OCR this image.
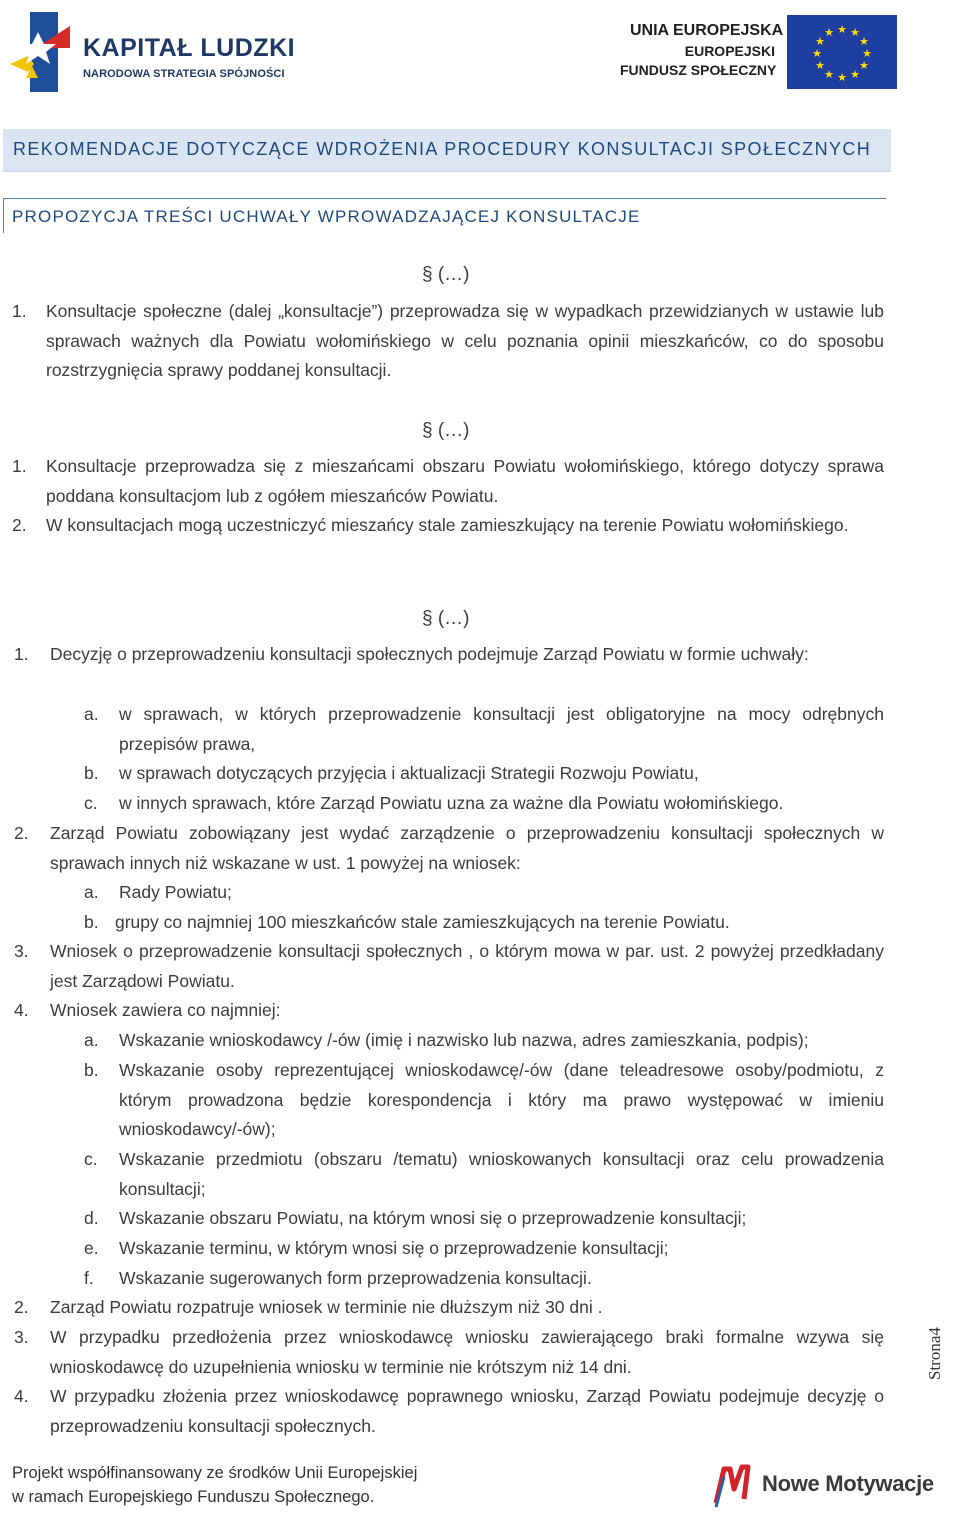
KAPITAŁ LUDZKI
NARODOWA STRATEGIA SPÓJNOŚCI
UNIA EUROPEJSKA
EUROPEJSKI
FUNDUSZ SPOŁECZNY
★ ★
★
★
★
★
★
★
★
★
★
★
REKOMENDACJE DOTYCZĄCE WDROŻENIA PROCEDURY KONSULTACJI SPOŁECZNYCH
PROPOZYCJA TREŚCI UCHWAŁY WPROWADZAJĄCEJ KONSULTACJE
§ (…)
1. Konsultacje społeczne (dalej „konsultacje”) przeprowadza się w wypadkach przewidzianych w ustawie lub sprawach ważnych dla Powiatu wołomińskiego w celu poznania opinii mieszkańców, co do sposobu rozstrzygnięcia sprawy poddanej konsultacji.
§ (…)
1. Konsultacje przeprowadza się z mieszańcami obszaru Powiatu wołomińskiego, którego dotyczy sprawa poddana konsultacjom lub z ogółem mieszańców Powiatu.
2. W konsultacjach mogą uczestniczyć mieszańcy stale zamieszkujący na terenie Powiatu wołomińskiego.
§ (…)
1. Decyzję o przeprowadzeniu konsultacji społecznych podejmuje Zarząd Powiatu w formie uchwały:
a. w sprawach, w których przeprowadzenie konsultacji jest obligatoryjne na mocy odrębnych przepisów prawa,
b. w sprawach dotyczących przyjęcia i aktualizacji Strategii Rozwoju Powiatu,
c. w innych sprawach, które Zarząd Powiatu uzna za ważne dla Powiatu wołomińskiego.
2. Zarząd Powiatu zobowiązany jest wydać zarządzenie o przeprowadzeniu konsultacji społecznych w sprawach innych niż wskazane w ust. 1 powyżej na wniosek:
a. Rady Powiatu;
b. grupy co najmniej 100 mieszkańców stale zamieszkujących na terenie Powiatu.
3. Wniosek o przeprowadzenie konsultacji społecznych , o którym mowa w par. ust. 2 powyżej przedkładany jest Zarządowi Powiatu.
4. Wniosek zawiera co najmniej:
a. Wskazanie wnioskodawcy /-ów (imię i nazwisko lub nazwa, adres zamieszkania, podpis);
b. Wskazanie osoby reprezentującej wnioskodawcę/-ów (dane teleadresowe osoby/podmiotu, z którym prowadzona będzie korespondencja i który ma prawo występować w imieniu wnioskodawcy/-ów);
c. Wskazanie przedmiotu (obszaru /tematu) wnioskowanych konsultacji oraz celu prowadzenia konsultacji;
d. Wskazanie obszaru Powiatu, na którym wnosi się o przeprowadzenie konsultacji;
e. Wskazanie terminu, w którym wnosi się o przeprowadzenie konsultacji;
f. Wskazanie sugerowanych form przeprowadzenia konsultacji.
2. Zarząd Powiatu rozpatruje wniosek w terminie nie dłuższym niż 30 dni .
3. W przypadku przedłożenia przez wnioskodawcę wniosku zawierającego braki formalne wzywa się wnioskodawcę do uzupełnienia wniosku w terminie nie krótszym niż 14 dni.
4. W przypadku złożenia przez wnioskodawcę poprawnego wniosku, Zarząd Powiatu podejmuje decyzję o przeprowadzeniu konsultacji społecznych.
Strona4
Projekt współfinansowany ze środków Unii Europejskiej
w ramach Europejskiego Funduszu Społecznego.
Nowe Motywacje
